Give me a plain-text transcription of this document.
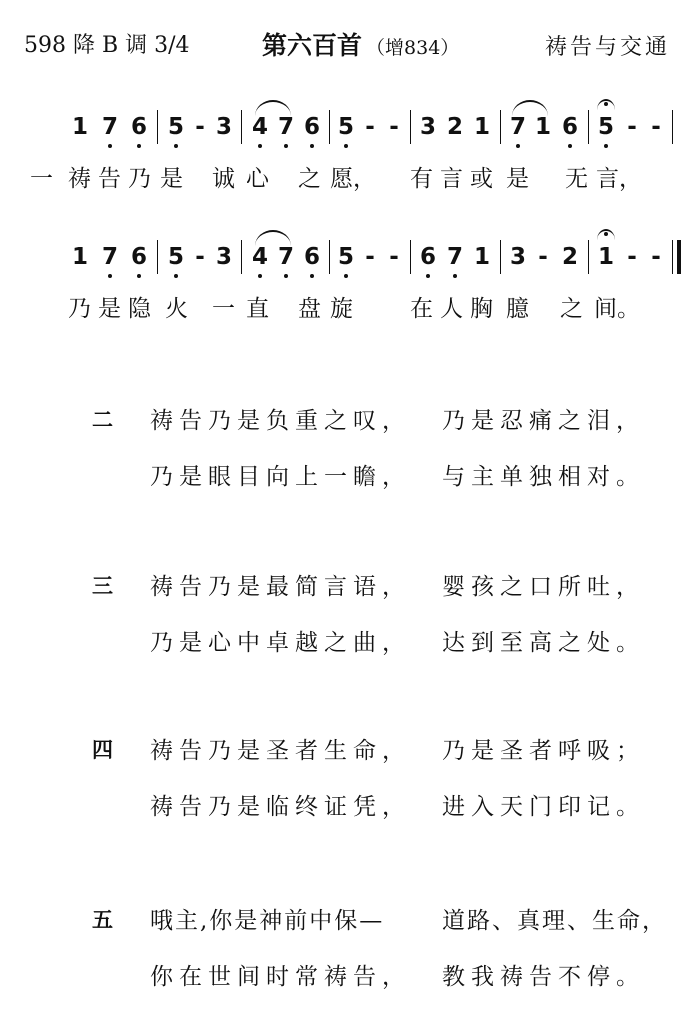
598 降 B 调 3/4	第六百首 （增834）	祷告与交通
1 7 6 5 - 3 4 7 6 5 - - 3 2 1 7 1 6 5 - -
一 祷 告 乃 是 诚 心 之 愿， 有 言 或 是 无 言，
1 7 6 5 - 3 4 7 6 5 - - 6 7 1 3 - 2 1 - -
乃 是 隐 火 一 直 盘 旋 在 人 胸 臆 之 间。
二 祷告乃是负重之叹， 乃是忍痛之泪，
乃是眼目向上一瞻， 与主单独相对。
三 祷告乃是最简言语， 婴孩之口所吐，
乃是心中卓越之曲， 达到至高之处。
四 祷告乃是圣者生命， 乃是圣者呼吸；
祷告乃是临终证凭， 进入天门印记。
五 哦主,你是神前中保—	道路、真理、生命，
你在世间时常祷告， 教我祷告不停。
